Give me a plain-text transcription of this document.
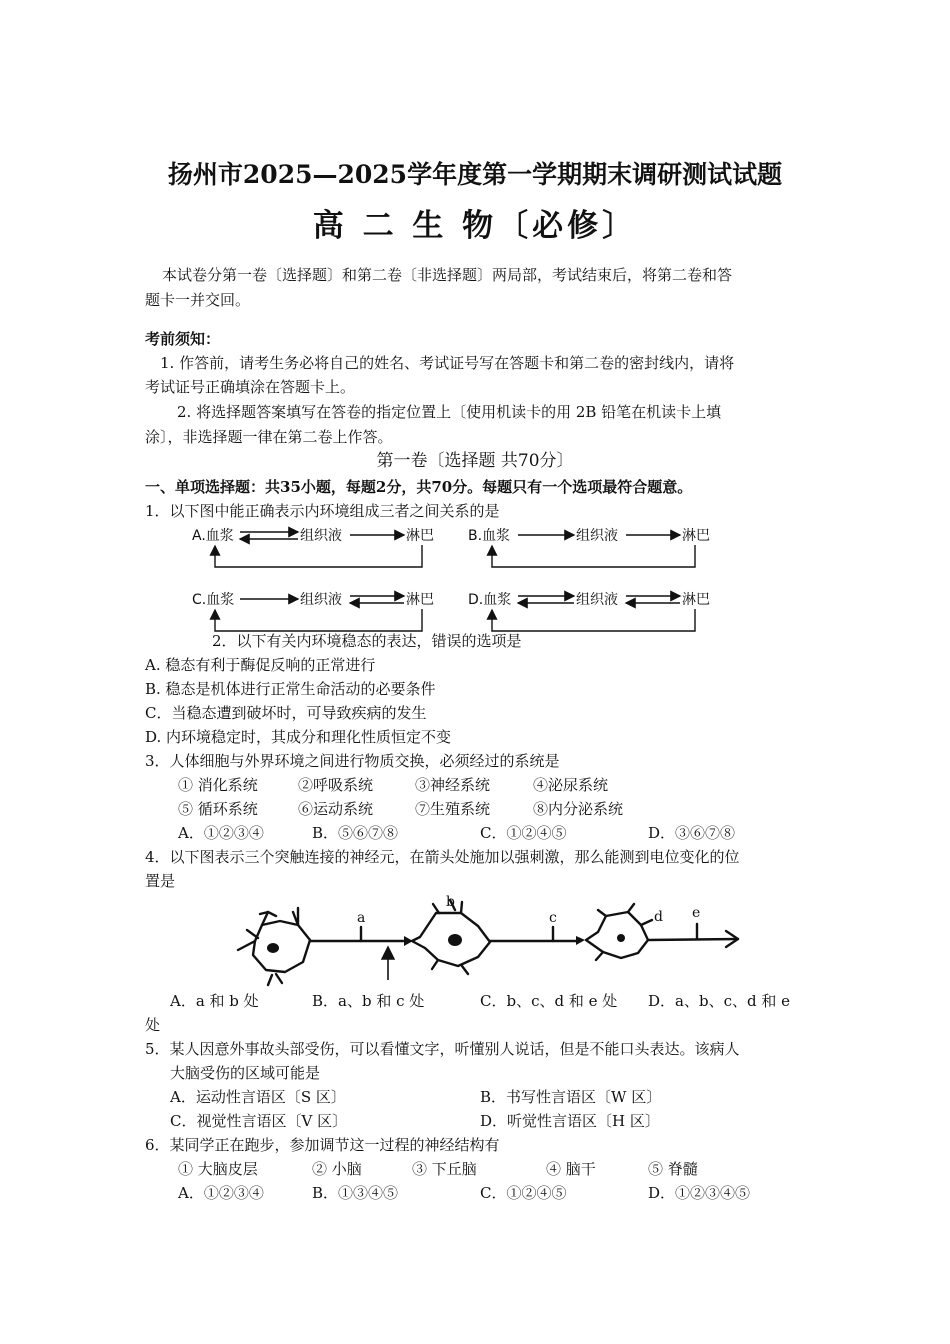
扬州市2025—2025学年度第一学期期末调研测试试题
高 二 生 物〔必修〕
本试卷分第一卷〔选择题〕和第二卷〔非选择题〕两局部，考试结束后，将第二卷和答
题卡一并交回。
考前须知：
1. 作答前，请考生务必将自己的姓名、考试证号写在答题卡和第二卷的密封线内，请将
考试证号正确填涂在答题卡上。
2. 将选择题答案填写在答卷的指定位置上〔使用机读卡的用 2B 铅笔在机读卡上填
涂〕，非选择题一律在第二卷上作答。
第一卷〔选择题 共70分〕
一、单项选择题：共35小题，每题2分，共70分。每题只有一个选项最符合题意。
1．以下图中能正确表示内环境组成三者之间关系的是
A.血浆	组织液	淋巴 B.血浆	组织液	淋巴
C.血浆	组织液	淋巴 D.血浆	组织液	淋巴
2．以下有关内环境稳态的表达，错误的选项是
A. 稳态有利于酶促反响的正常进行
B. 稳态是机体进行正常生命活动的必要条件
C．当稳态遭到破坏时，可导致疾病的发生
D. 内环境稳定时，其成分和理化性质恒定不变
3．人体细胞与外界环境之间进行物质交换，必须经过的系统是
① 消化系统	②呼吸系统	③神经系统	④泌尿系统
⑤ 循环系统	⑥运动系统	⑦生殖系统	⑧内分泌系统
A．①②③④	B．⑤⑥⑦⑧	C．①②④⑤	D．③⑥⑦⑧
4．以下图表示三个突触连接的神经元，在箭头处施加以强刺激，那么能测到电位变化的位
置是
a
b
c	d e
A．a 和 b 处	B．a、b 和 c 处	C．b、c、d 和 e 处 D．a、b、c、d 和 e
处
5．某人因意外事故头部受伤，可以看懂文字，听懂别人说话，但是不能口头表达。该病人
大脑受伤的区域可能是
A．运动性言语区〔S 区〕	B．书写性言语区〔W 区〕
C．视觉性言语区〔V 区〕	D．听觉性言语区〔H 区〕
6．某同学正在跑步，参加调节这一过程的神经结构有
① 大脑皮层	② 小脑	③ 下丘脑	④ 脑干	⑤ 脊髓
A．①②③④	B．①③④⑤	C．①②④⑤	D．①②③④⑤
